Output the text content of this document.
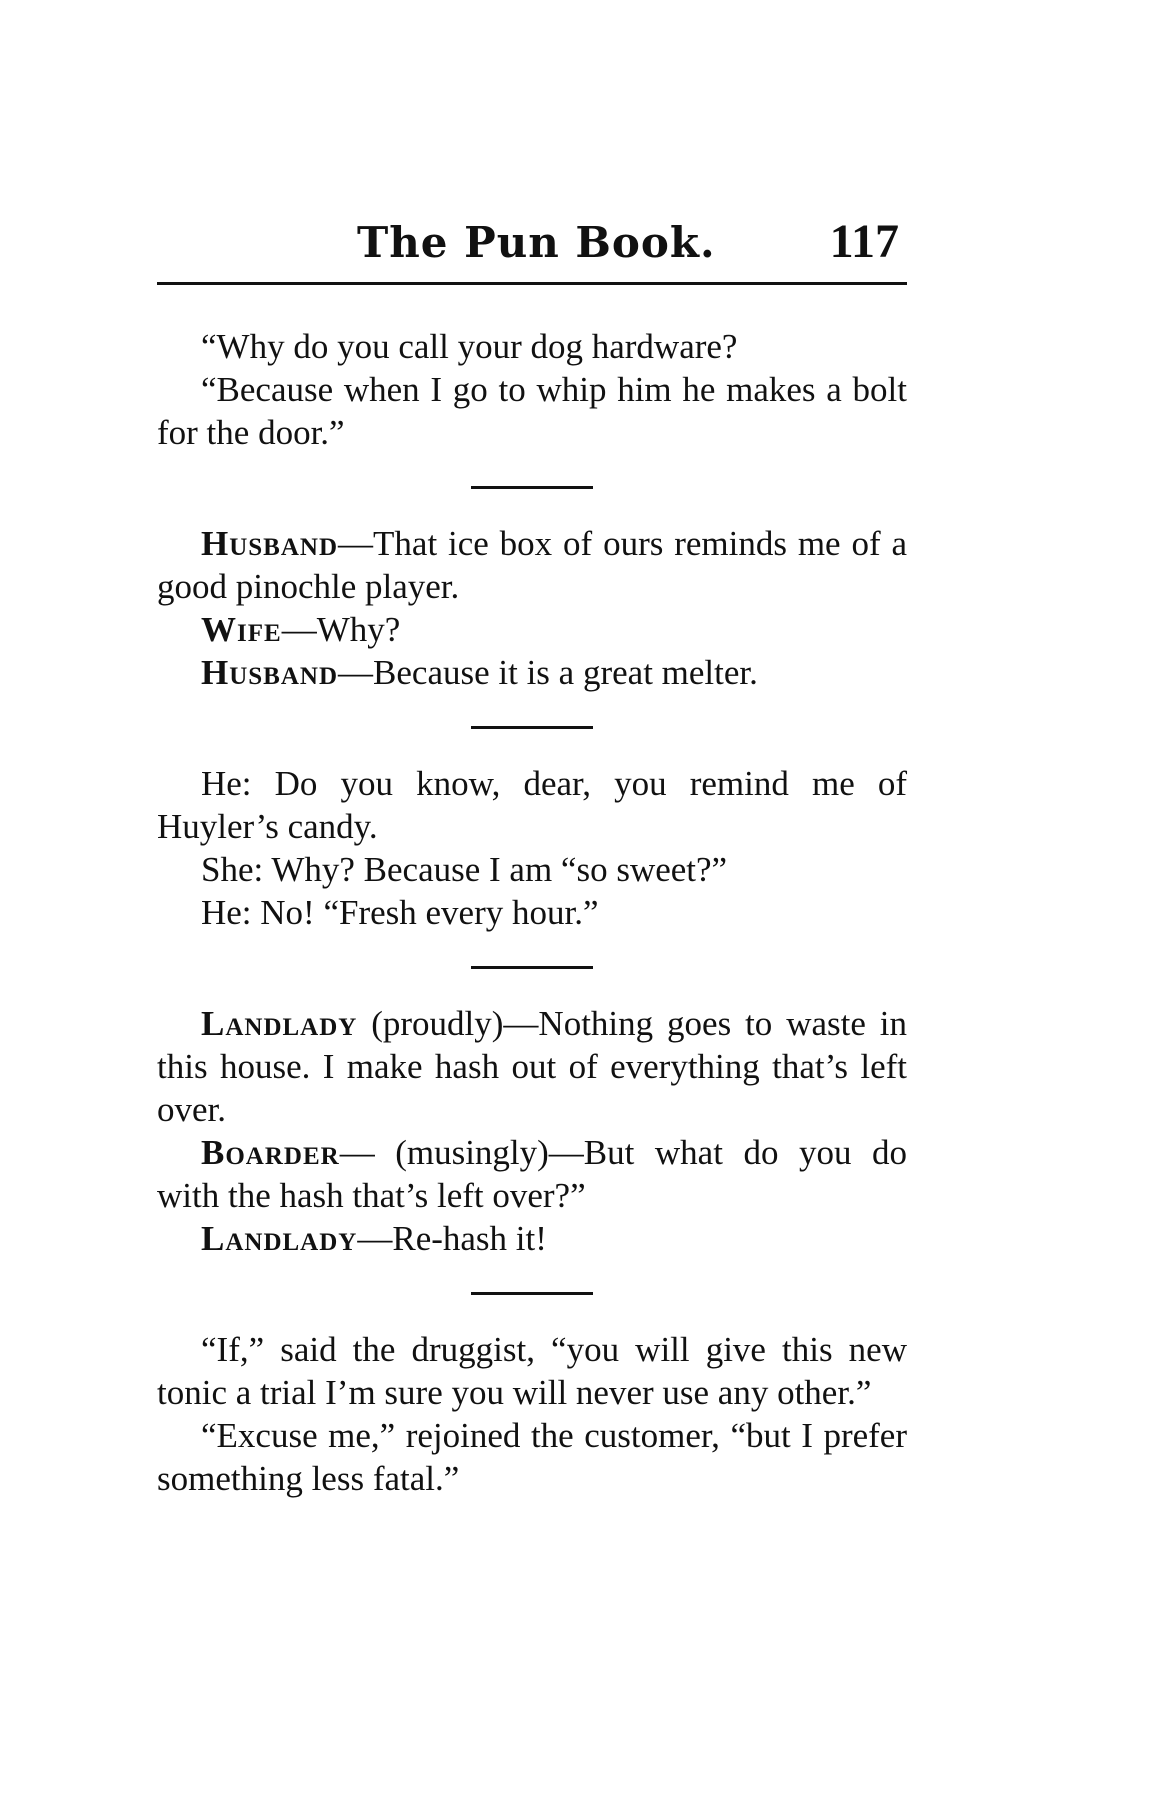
The Pun Book. 117

“Why do you call your dog hardware?

“Because when I go to whip him he makes a bolt for the door.”

Husband—That ice box of ours reminds me of a good pinochle player.

Wife—Why?

Husband—Because it is a great melter.

He: Do you know, dear, you remind me of Huyler’s candy.

She: Why? Because I am “so sweet?”

He: No! “Fresh every hour.”

Landlady (proudly)—Nothing goes to waste in this house. I make hash out of everything that’s left over.

Boarder— (musingly)—But what do you do with the hash that’s left over?”

Landlady—Re-hash it!

“If,” said the druggist, “you will give this new tonic a trial I’m sure you will never use any other.”

“Excuse me,” rejoined the customer, “but I prefer something less fatal.”
